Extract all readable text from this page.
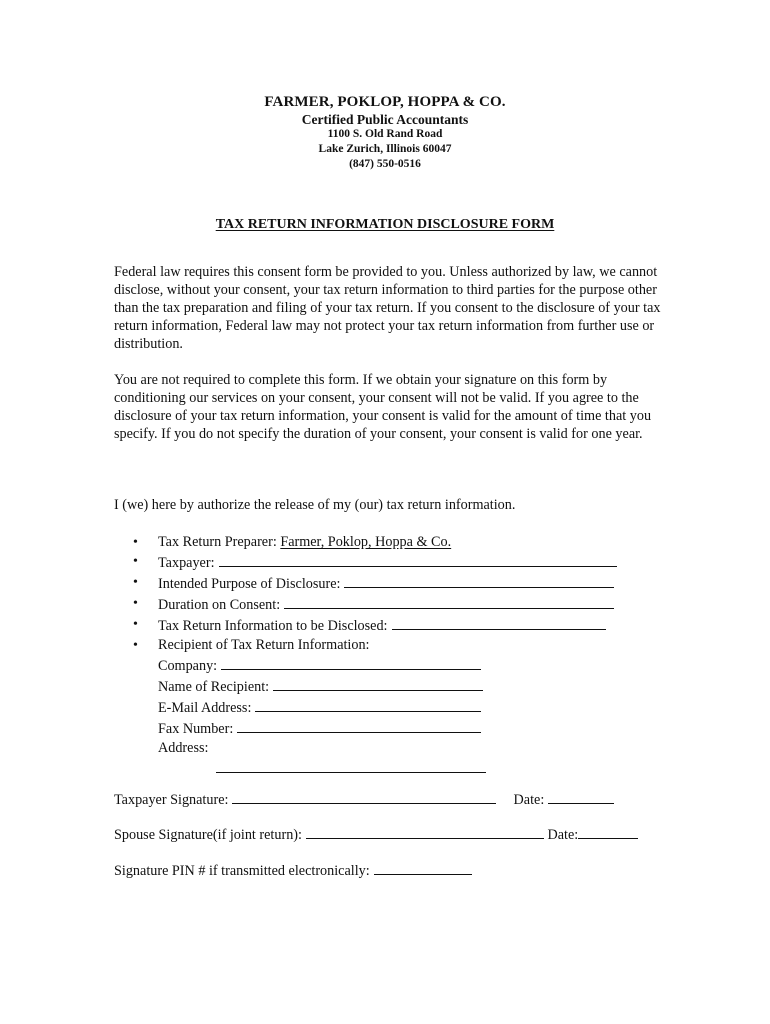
FARMER, POKLOP, HOPPA & CO.
Certified Public Accountants
1100 S. Old Rand Road
Lake Zurich, Illinois 60047
(847) 550-0516
TAX RETURN INFORMATION DISCLOSURE FORM

Federal law requires this consent form be provided to you. Unless authorized by law, we cannot disclose, without your consent, your tax return information to third parties for the purpose other than the tax preparation and filing of your tax return. If you consent to the disclosure of your tax return information, Federal law may not protect your tax return information from further use or distribution.

You are not required to complete this form. If we obtain your signature on this form by conditioning our services on your consent, your consent will not be valid. If you agree to the disclosure of your tax return information, your consent is valid for the amount of time that you specify. If you do not specify the duration of your consent, your consent is valid for one year.

I (we) here by authorize the release of my (our) tax return information.

• Tax Return Preparer: Farmer, Poklop, Hoppa & Co.
• Taxpayer:
• Intended Purpose of Disclosure:
• Duration on Consent:
• Tax Return Information to be Disclosed:
• Recipient of Tax Return Information:
Company:
Name of Recipient:
E-Mail Address:
Fax Number:
Address:
Taxpayer Signature:	Date:
Spouse Signature(if joint return):	Date:
Signature PIN # if transmitted electronically:
